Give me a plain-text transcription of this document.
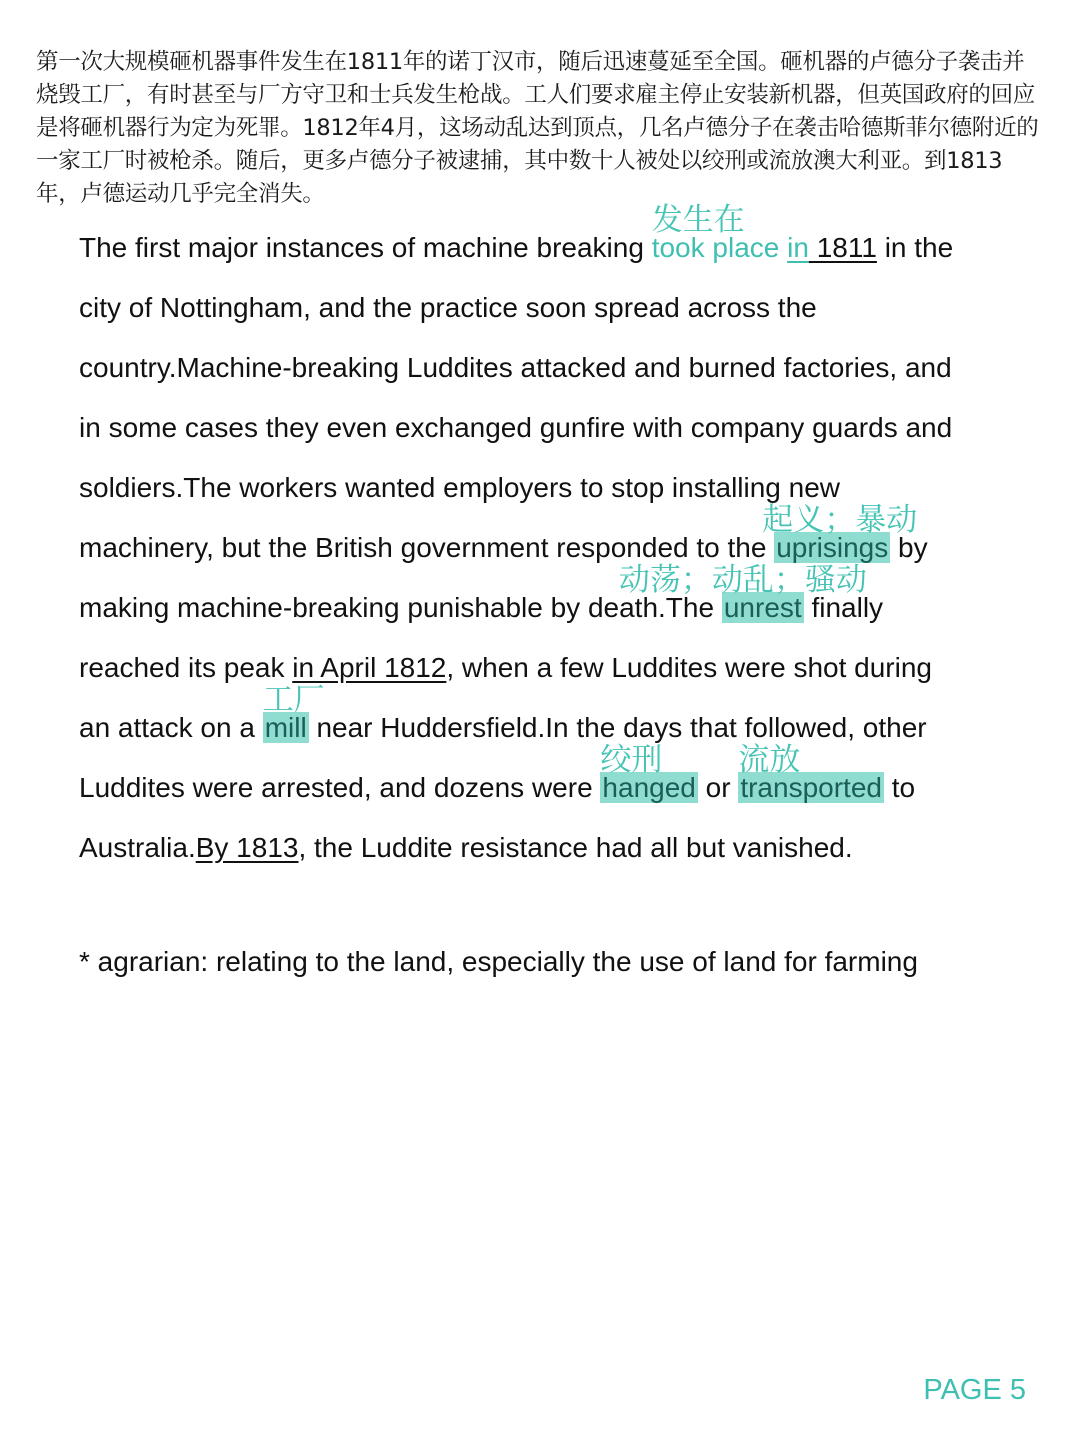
第一次大规模砸机器事件发生在1811年的诺丁汉市，随后迅速蔓延至全国。砸机器的卢德分子袭击并烧毁工厂，有时甚至与厂方守卫和士兵发生枪战。工人们要求雇主停止安装新机器，但英国政府的回应是将砸机器行为定为死罪。1812年4月，这场动乱达到顶点，几名卢德分子在袭击哈德斯菲尔德附近的一家工厂时被枪杀。随后，更多卢德分子被逮捕，其中数十人被处以绞刑或流放澳大利亚。到1813年，卢德运动几乎完全消失。
The first major instances of machine breaking took place
发生在
in 1811 in the
city of Nottingham, and the practice soon spread across the
country.Machine-breaking Luddites attacked and burned factories, and
in some cases they even exchanged gunfire with company guards and
soldiers.The workers wanted employers to stop installing new
machinery, but the British government responded to the uprisings
起义；暴动
by
making machine-breaking punishable by death.The unrest
动荡；动乱；骚动
finally
reached its peak in April 1812, when a few Luddites were shot during
an attack on a mill
工厂
near Huddersfield.In the days that followed, other
Luddites were arrested, and dozens were hanged
绞刑
or transported
流放
to
Australia.By 1813, the Luddite resistance had all but vanished.
* agrarian: relating to the land, especially the use of land for farming
PAGE 5
